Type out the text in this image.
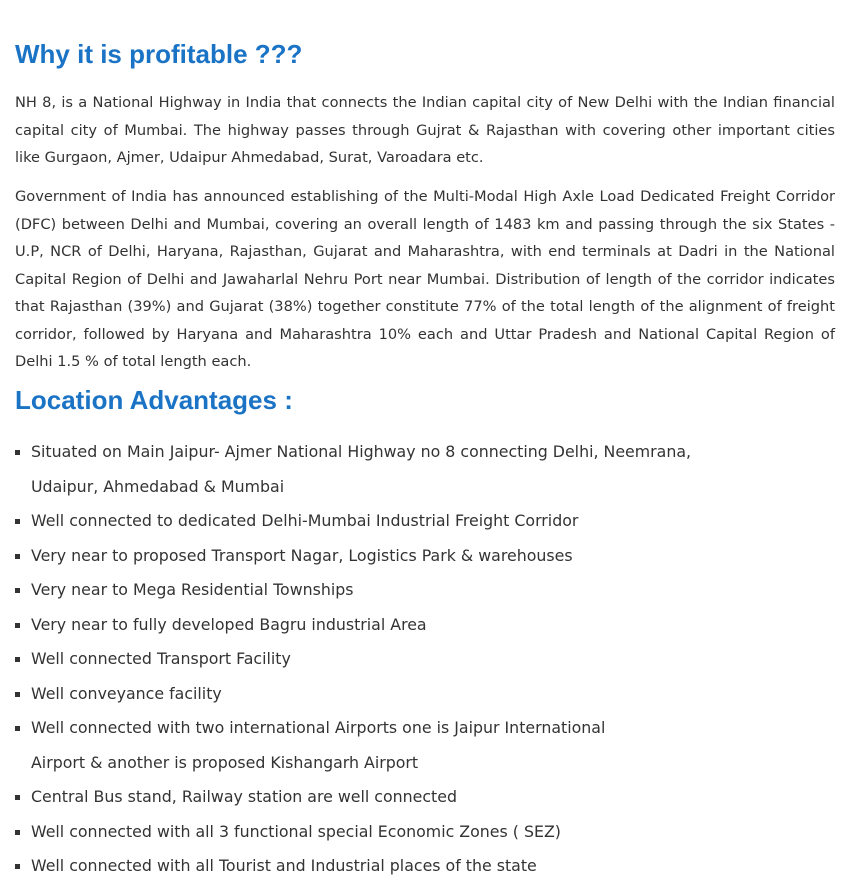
Why it is profitable ???

NH 8, is a National Highway in India that connects the Indian capital city of New Delhi with the Indian financial capital city of Mumbai. The highway passes through Gujrat & Rajasthan with covering other important cities like Gurgaon, Ajmer, Udaipur Ahmedabad, Surat, Varoadara etc.

Government of India has announced establishing of the Multi-Modal High Axle Load Dedicated Freight Corridor (DFC) between Delhi and Mumbai, covering an overall length of 1483 km and passing through the six States - U.P, NCR of Delhi, Haryana, Rajasthan, Gujarat and Maharashtra, with end terminals at Dadri in the National Capital Region of Delhi and Jawaharlal Nehru Port near Mumbai. Distribution of length of the corridor indicates that Rajasthan (39%) and Gujarat (38%) together constitute 77% of the total length of the alignment of freight corridor, followed by Haryana and Maharashtra 10% each and Uttar Pradesh and National Capital Region of Delhi 1.5 % of total length each.

Location Advantages :
Situated on Main Jaipur- Ajmer National Highway no 8 connecting Delhi, Neemrana,
Udaipur, Ahmedabad & Mumbai
Well connected to dedicated Delhi-Mumbai Industrial Freight Corridor
Very near to proposed Transport Nagar, Logistics Park & warehouses
Very near to Mega Residential Townships
Very near to fully developed Bagru industrial Area
Well connected Transport Facility
Well conveyance facility
Well connected with two international Airports one is Jaipur International
Airport & another is proposed Kishangarh Airport
Central Bus stand, Railway station are well connected
Well connected with all 3 functional special Economic Zones ( SEZ)
Well connected with all Tourist and Industrial places of the state
